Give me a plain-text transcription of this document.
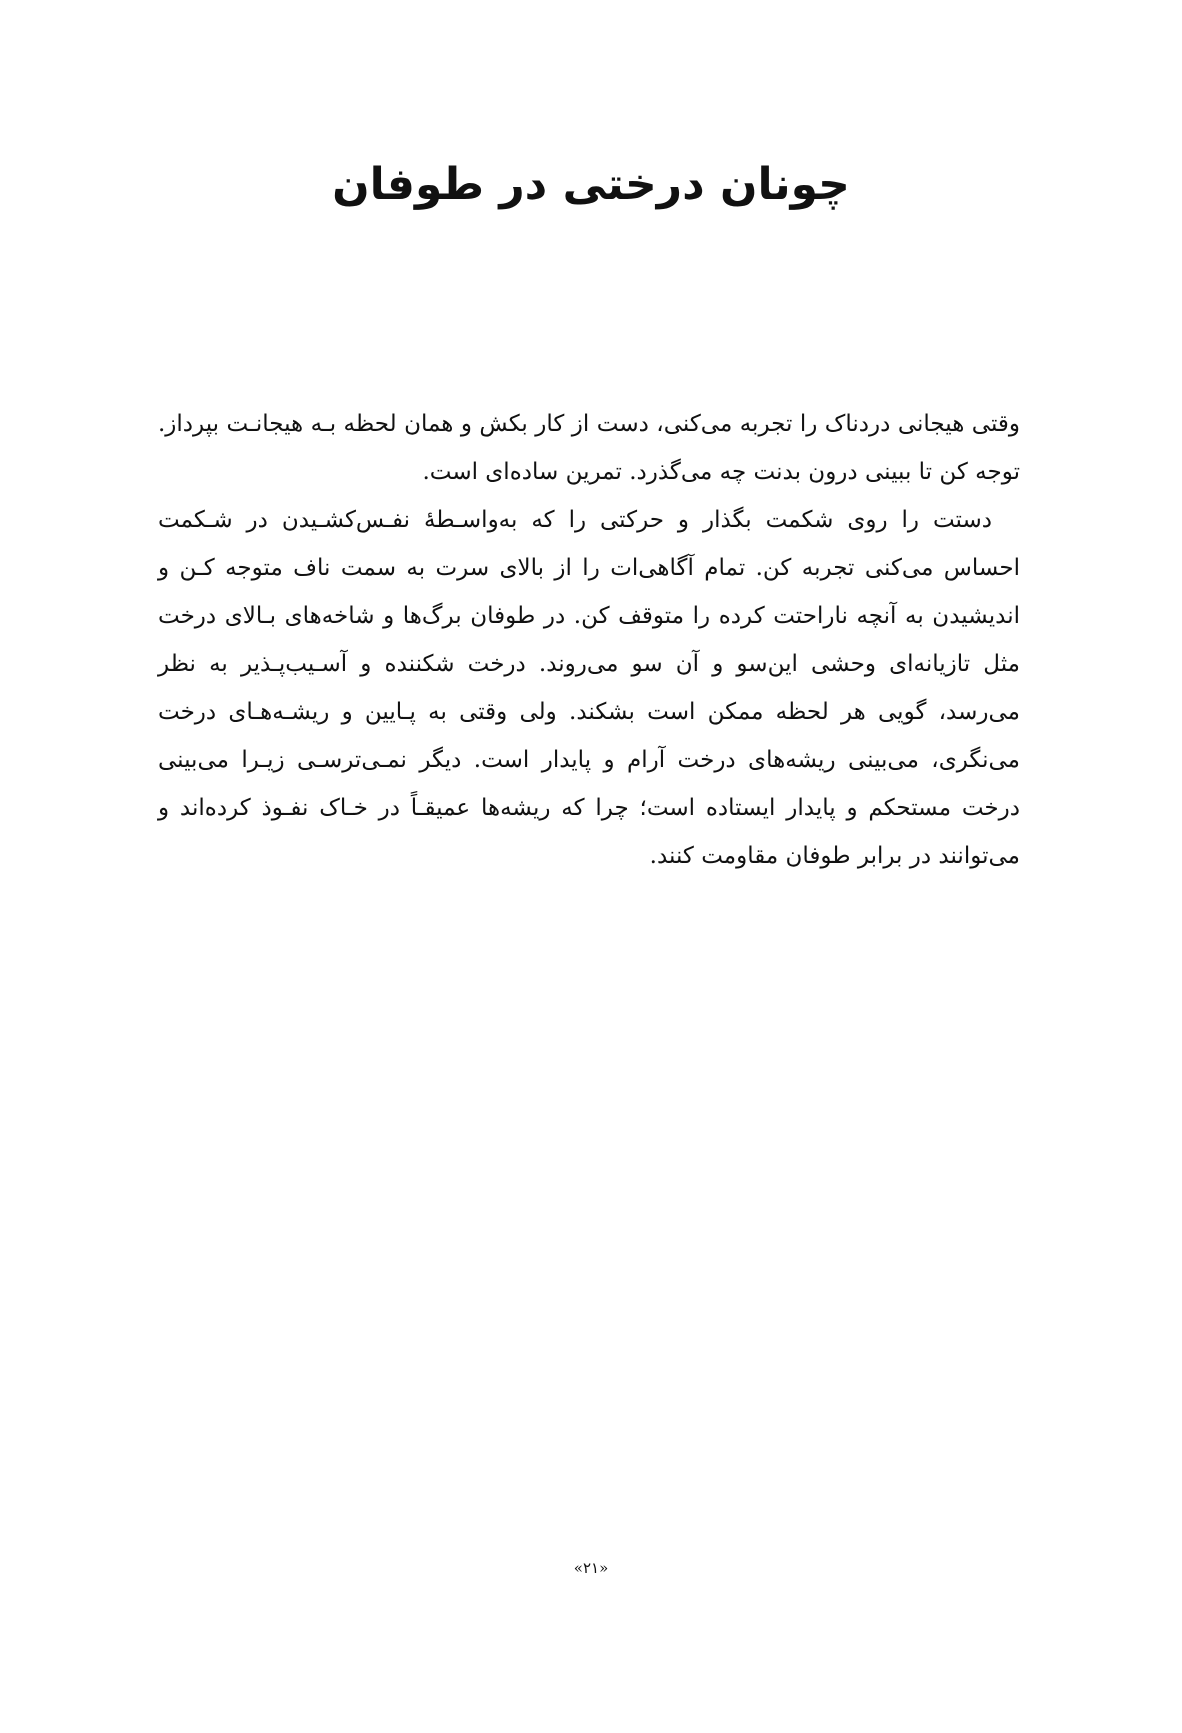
چونان درختی در طوفان

وقتی هیجانی دردناک را تجربه می‌کنی، دست از کار بکش و همان لحظه بـه هیجانـت بپرداز. توجه کن تا ببینی درون بدنت چه می‌گذرد. تمرین ساده‌ای است.

دستت را روی شکمت بگذار و حرکتی را که به‌واسـطهٔ نفـس‌کشـیدن در شـکمت احساس می‌کنی تجربه کن. تمام آگاهی‌ات را از بالای سرت به سمت ناف متوجه کـن و اندیشیدن به آنچه ناراحتت کرده را متوقف کن. در طوفان برگ‌ها و شاخه‌های بـالای درخت مثل تازیانه‌ای وحشی این‌سو و آن سو می‌روند. درخت شکننده و آسـیب‌پـذیر به نظر می‌رسد، گویی هر لحظه ممکن است بشکند. ولی وقتی به پـایین و ریشـه‌هـای درخت می‌نگری، می‌بینی ریشه‌های درخت آرام و پایدار است. دیگر نمـی‌ترسـی زیـرا می‌بینی درخت مستحکم و پایدار ایستاده است؛ چرا که ریشه‌ها عمیقـاً در خـاک نفـوذ کرده‌اند و می‌توانند در برابر طوفان مقاومت کنند.

«۲۱»
